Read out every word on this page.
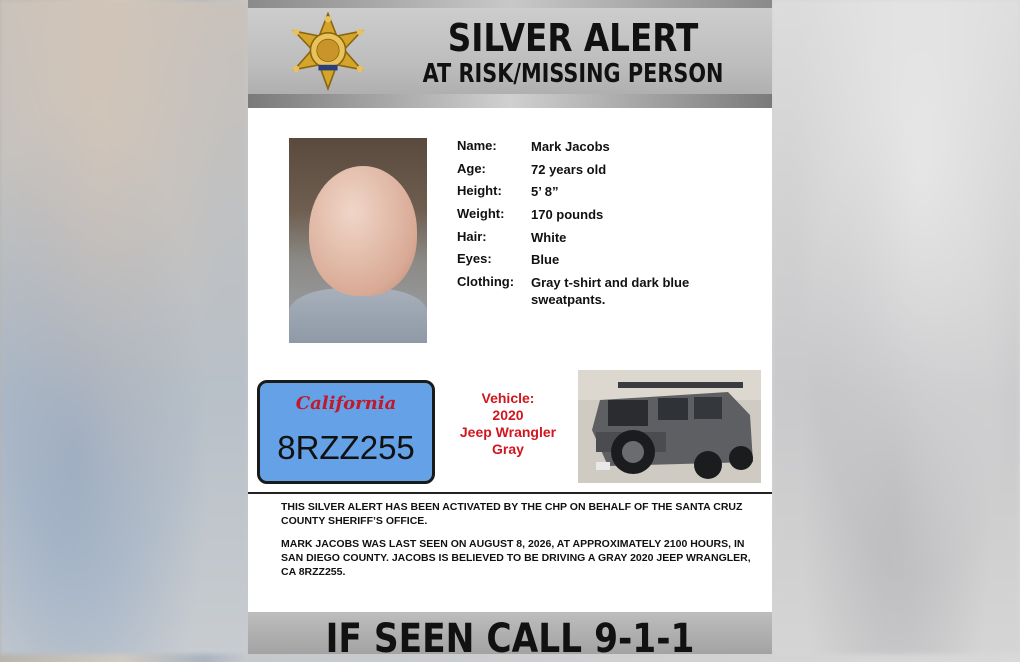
SILVER ALERT
AT RISK/MISSING PERSON
Name:	Mark Jacobs
Age:	72 years old
Height:	5’ 8”
Weight:	170 pounds
Hair:	White
Eyes:	Blue
Clothing:	Gray t-shirt and dark blue sweatpants.
California
8RZZ255
Vehicle:
2020
Jeep Wrangler
Gray
THIS SILVER ALERT HAS BEEN ACTIVATED BY THE CHP ON BEHALF OF THE SANTA CRUZ COUNTY SHERIFF’S OFFICE.
MARK JACOBS WAS LAST SEEN ON AUGUST 8, 2026, AT APPROXIMATELY 2100 HOURS, IN SAN DIEGO COUNTY. JACOBS IS BELIEVED TO BE DRIVING A GRAY 2020 JEEP WRANGLER, CA 8RZZ255.
IF SEEN CALL 9-1-1
